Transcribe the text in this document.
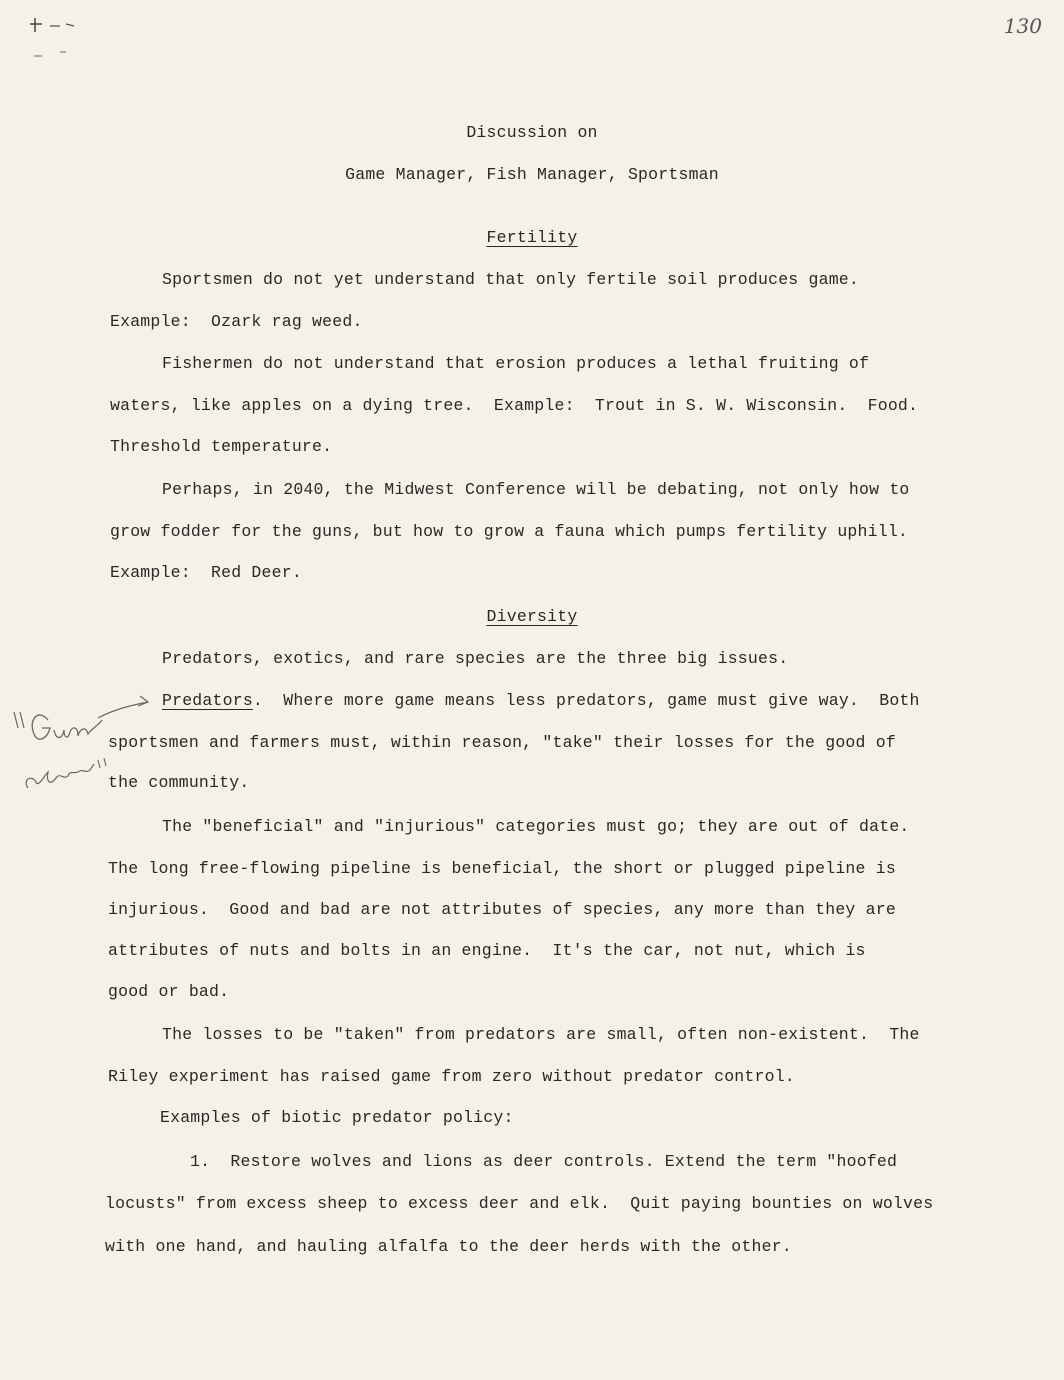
130
Discussion on
Game Manager, Fish Manager, Sportsman
Fertility
Sportsmen do not yet understand that only fertile soil produces game.
Example:  Ozark rag weed.
Fishermen do not understand that erosion produces a lethal fruiting of
waters, like apples on a dying tree.  Example:  Trout in S. W. Wisconsin.  Food.
Threshold temperature.
Perhaps, in 2040, the Midwest Conference will be debating, not only how to
grow fodder for the guns, but how to grow a fauna which pumps fertility uphill.
Example:  Red Deer.
Diversity
Predators, exotics, and rare species are the three big issues.
Predators.  Where more game means less predators, game must give way.  Both
sportsmen and farmers must, within reason, "take" their losses for the good of
the community.
The "beneficial" and "injurious" categories must go; they are out of date.
The long free-flowing pipeline is beneficial, the short or plugged pipeline is
injurious.  Good and bad are not attributes of species, any more than they are
attributes of nuts and bolts in an engine.  It's the car, not nut, which is
good or bad.
The losses to be "taken" from predators are small, often non-existent.  The
Riley experiment has raised game from zero without predator control.
Examples of biotic predator policy:
1.  Restore wolves and lions as deer controls. Extend the term "hoofed
locusts" from excess sheep to excess deer and elk.  Quit paying bounties on wolves
with one hand, and hauling alfalfa to the deer herds with the other.
